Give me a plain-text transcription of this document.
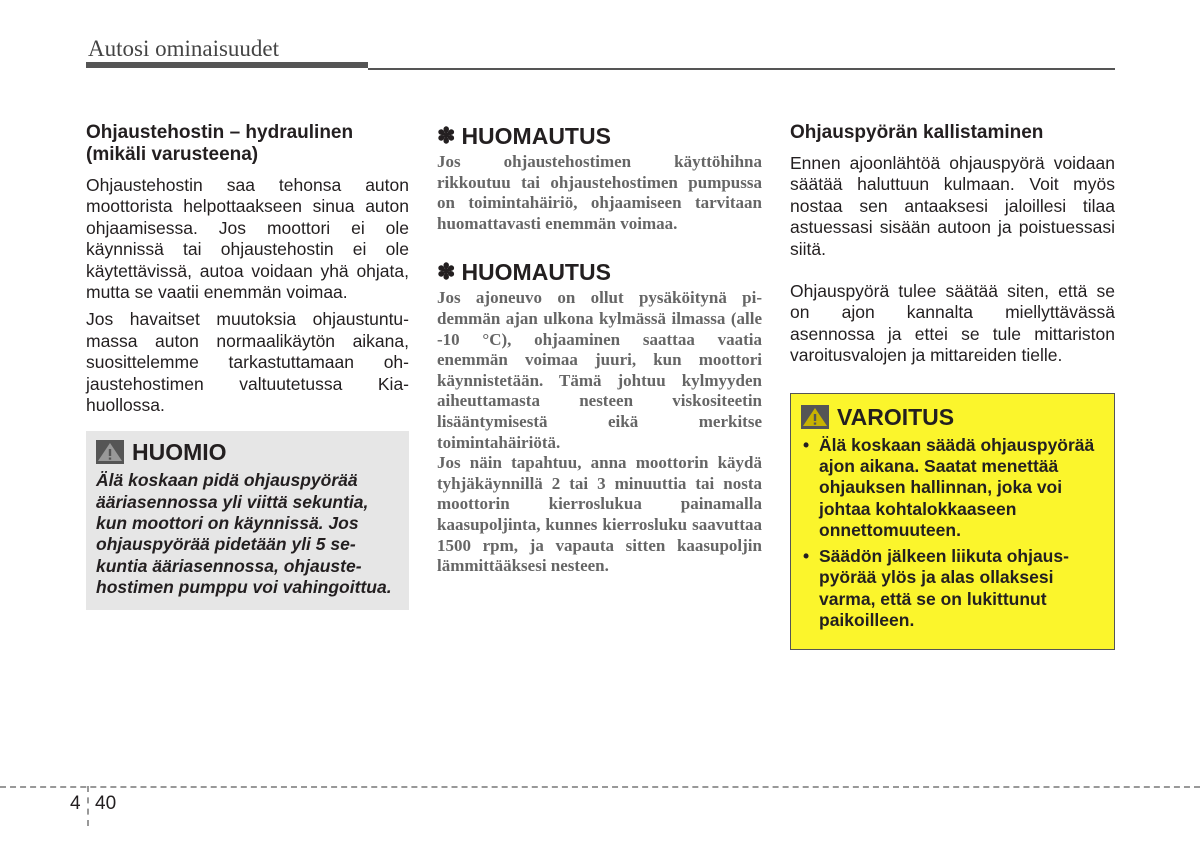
Autosi ominaisuudet
Ohjaustehostin – hydraulinen (mikäli varusteena)

Ohjaustehostin saa tehonsa auton moottorista helpottaakseen sinua auton ohjaamisessa. Jos moottori ei ole käynnissä tai ohjaustehostin ei ole käytettävissä, autoa voidaan yhä ohjata, mutta se vaatii enemmän voimaa.

Jos havaitset muutoksia ohjaustuntumassa auton normaalikäytön aikana, suosittelemme tarkastuttamaan ohjaustehostimen valtuutetussa Kia-huollossa.

HUOMIO

Älä koskaan pidä ohjauspyörää ääriasennossa yli viittä sekuntia, kun moottori on käynnissä. Jos ohjauspyörää pidetään yli 5 sekuntia ääriasennossa, ohjaustehostimen pumppu voi vahingoittua.

✽ HUOMAUTUS

Jos ohjaustehostimen käyttöhihna rikkoutuu tai ohjaustehostimen pumpussa on toimintahäiriö, ohjaamiseen tarvitaan huomattavasti enemmän voimaa.

✽ HUOMAUTUS

Jos ajoneuvo on ollut pysäköitynä pidemmän ajan ulkona kylmässä ilmassa (alle -10 °C), ohjaaminen saattaa vaatia enemmän voimaa juuri, kun moottori käynnistetään. Tämä johtuu kylmyyden aiheuttamasta nesteen viskositeetin lisääntymisestä eikä merkitse toimintahäiriötä.

Jos näin tapahtuu, anna moottorin käydä tyhjäkäynnillä 2 tai 3 minuuttia tai nosta moottorin kierroslukua painamalla kaasupoljinta, kunnes kierrosluku saavuttaa 1500 rpm, ja vapauta sitten kaasupoljin lämmittääksesi nesteen.

Ohjauspyörän kallistaminen

Ennen ajoonlähtöä ohjauspyörä voidaan säätää haluttuun kulmaan. Voit myös nostaa sen antaaksesi jaloillesi tilaa astuessasi sisään autoon ja poistuessasi siitä.

Ohjauspyörä tulee säätää siten, että se on ajon kannalta miellyttävässä asennossa ja ettei se tule mittariston varoitusvalojen ja mittareiden tielle.

VAROITUS
• Älä koskaan säädä ohjauspyörää ajon aikana. Saatat menettää ohjauksen hallinnan, joka voi johtaa kohtalokkaaseen onnettomuuteen.
• Säädön jälkeen liikuta ohjauspyörää ylös ja alas ollaksesi varma, että se on lukittunut paikoilleen.
4 40
